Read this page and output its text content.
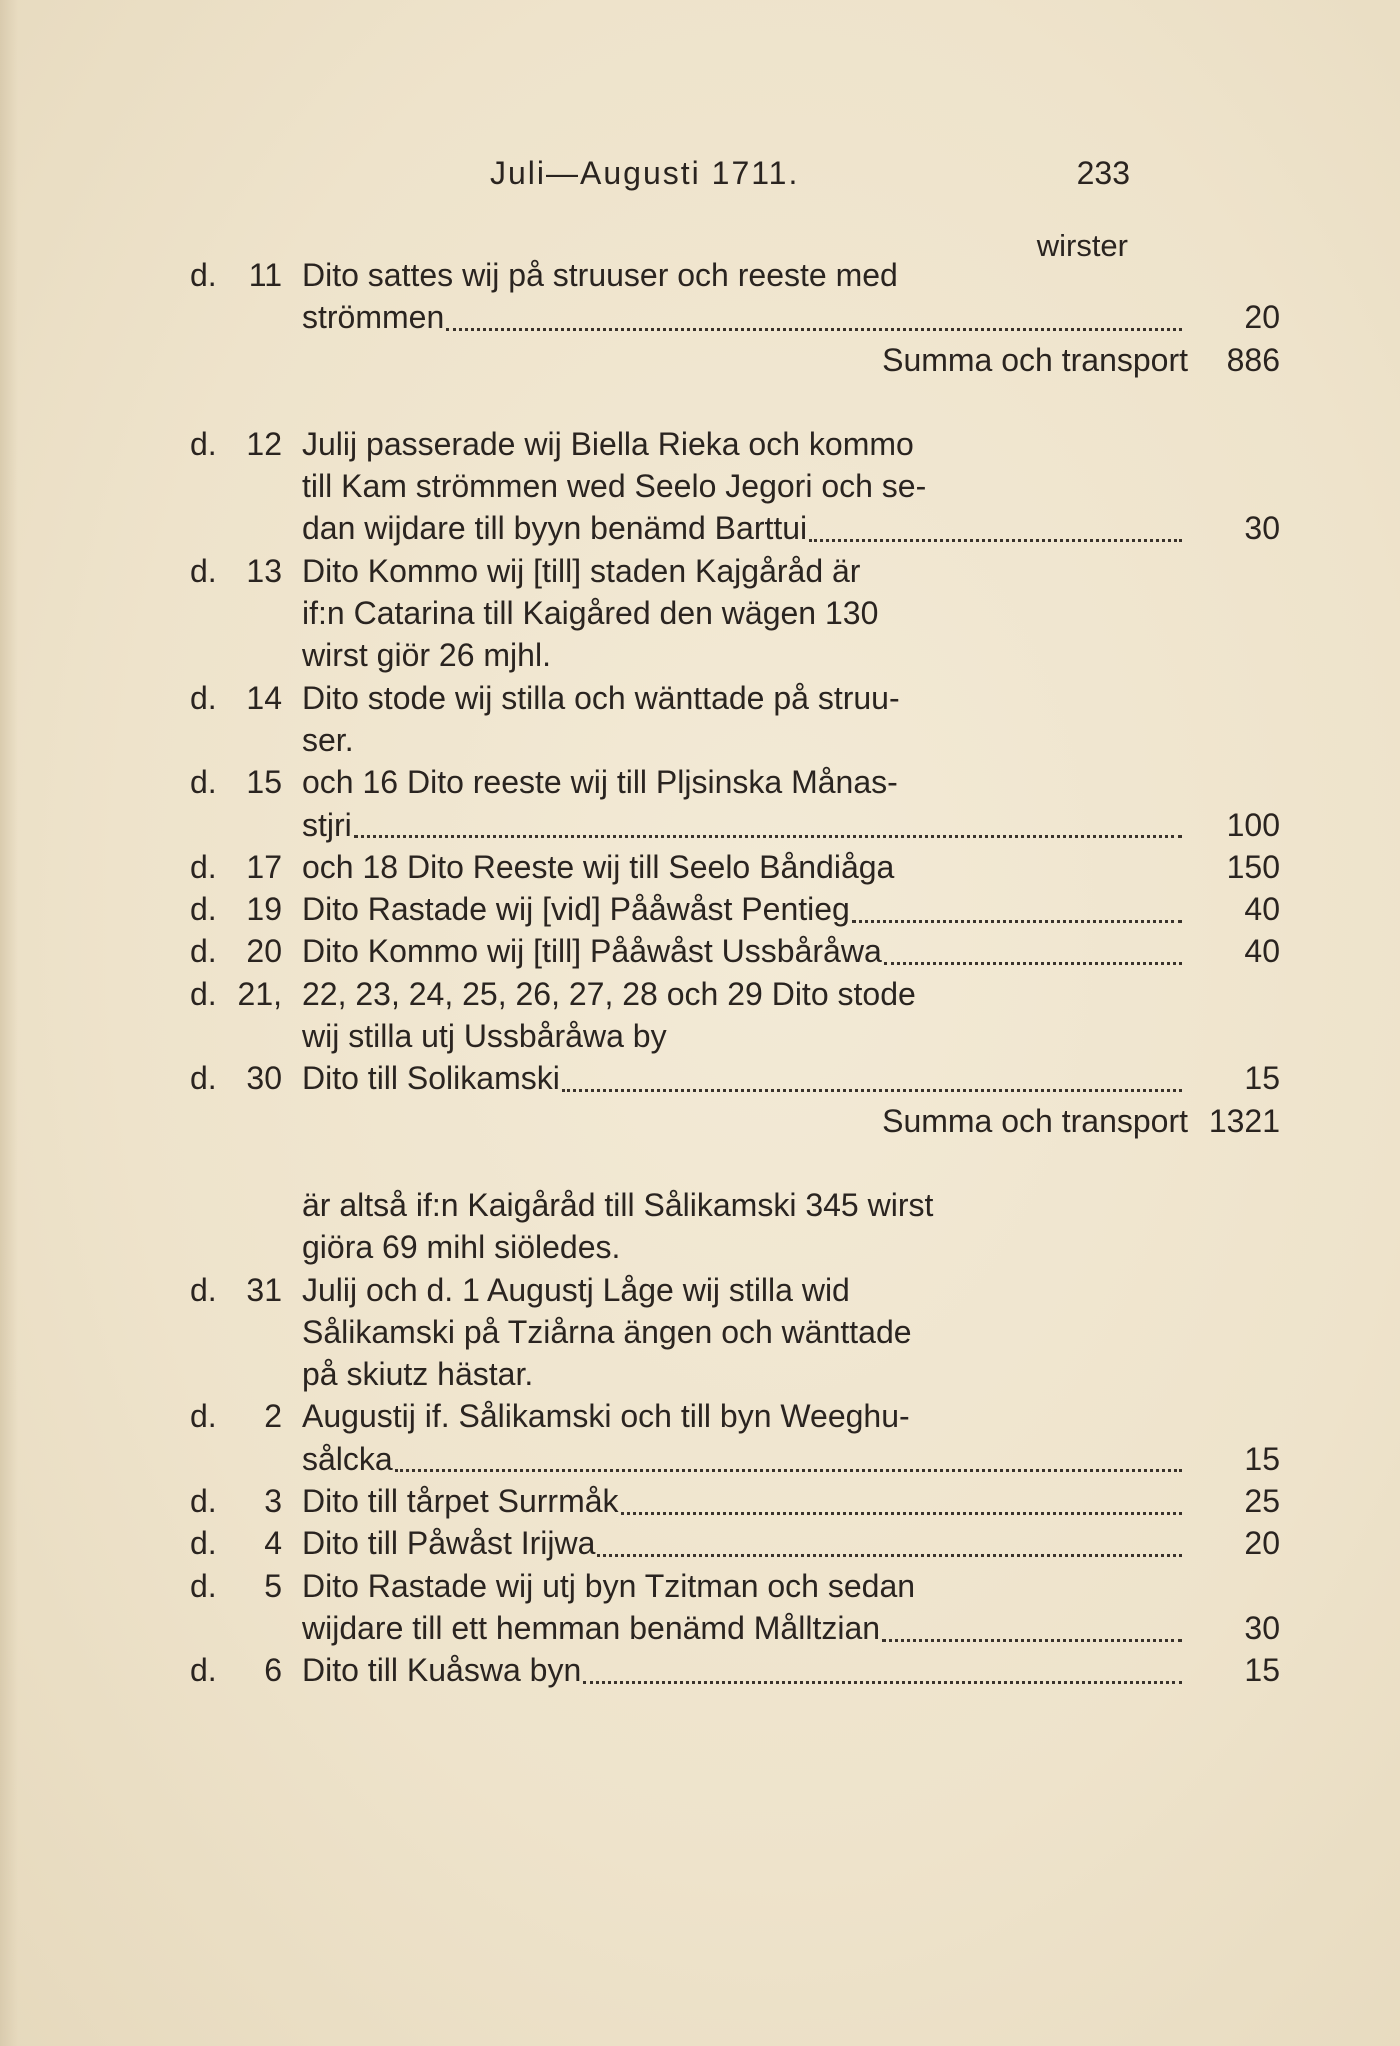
Juli—Augusti 1711.	233
wirster
d.	11 Dito sattes wij på struuser och reeste med
strömmen	20
Summa och transport	886
d. 12 Julij passerade wij Biella Rieka och kommo
till Kam strömmen wed Seelo Jegori och se-
dan wijdare till byyn benämd Barttui	30
d. 13 Dito Kommo wij [till] staden Kajgåråd är
if:n Catarina till Kaigåred den wägen 130
wirst giör 26 mjhl.
d. 14 Dito stode wij stilla och wänttade på struu-
ser.
d. 15 och 16 Dito reeste wij till Pljsinska Månas-
stjri	100
d. 17 och 18 Dito Reeste wij till Seelo Båndiåga	150
d. 19 Dito Rastade wij [vid] Pååwåst Pentieg	40
d. 20 Dito Kommo wij [till] Pååwåst Ussbåråwa	40
d. 21, 22, 23, 24, 25, 26, 27, 28 och 29 Dito stode
wij stilla utj Ussbåråwa by
d. 30 Dito till Solikamski	15
Summa och transport 1321
är altså if:n Kaigåråd till Sålikamski 345 wirst
giöra 69 mihl siöledes.
d. 31 Julij och d. 1 Augustj Låge wij stilla wid
Sålikamski på Tziårna ängen och wänttade
på skiutz hästar.
d.	2 Augustij if. Sålikamski och till byn Weeghu-
sålcka	15
d.	3 Dito till tårpet Surrmåk	25
d.	4 Dito till Påwåst Irijwa	20
d.	5 Dito Rastade wij utj byn Tzitman och sedan
wijdare till ett hemman benämd Målltzian	30
d.	6 Dito till Kuåswa byn	15
